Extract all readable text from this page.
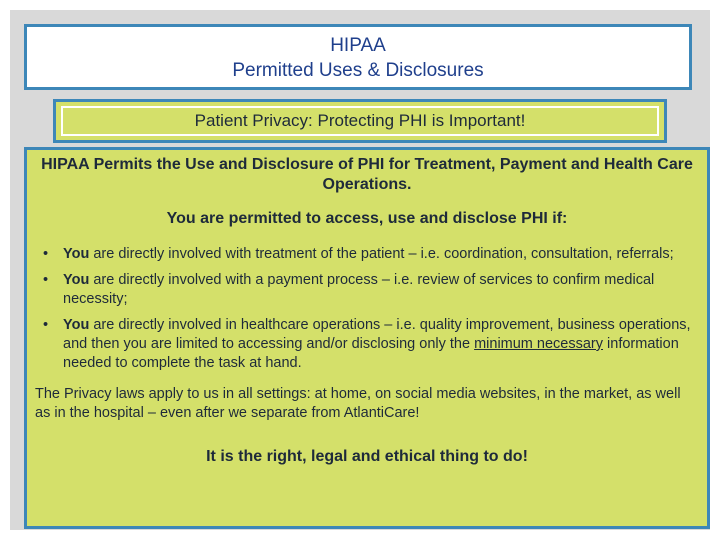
HIPAA
Permitted Uses & Disclosures
Patient Privacy: Protecting PHI is Important!
HIPAA Permits the Use and Disclosure of PHI for Treatment, Payment and Health Care Operations.
You are permitted to access, use and disclose PHI if:
• You are directly involved with treatment of the patient – i.e. coordination, consultation, referrals;
• You are directly involved with a payment process – i.e. review of services to confirm medical necessity;
• You are directly involved in healthcare operations – i.e. quality improvement, business operations, and then you are limited to accessing and/or disclosing only the minimum necessary information needed to complete the task at hand.
The Privacy laws apply to us in all settings: at home, on social media websites, in the market, as well as in the hospital – even after we separate from AtlantiCare!
It is the right, legal and ethical thing to do!
